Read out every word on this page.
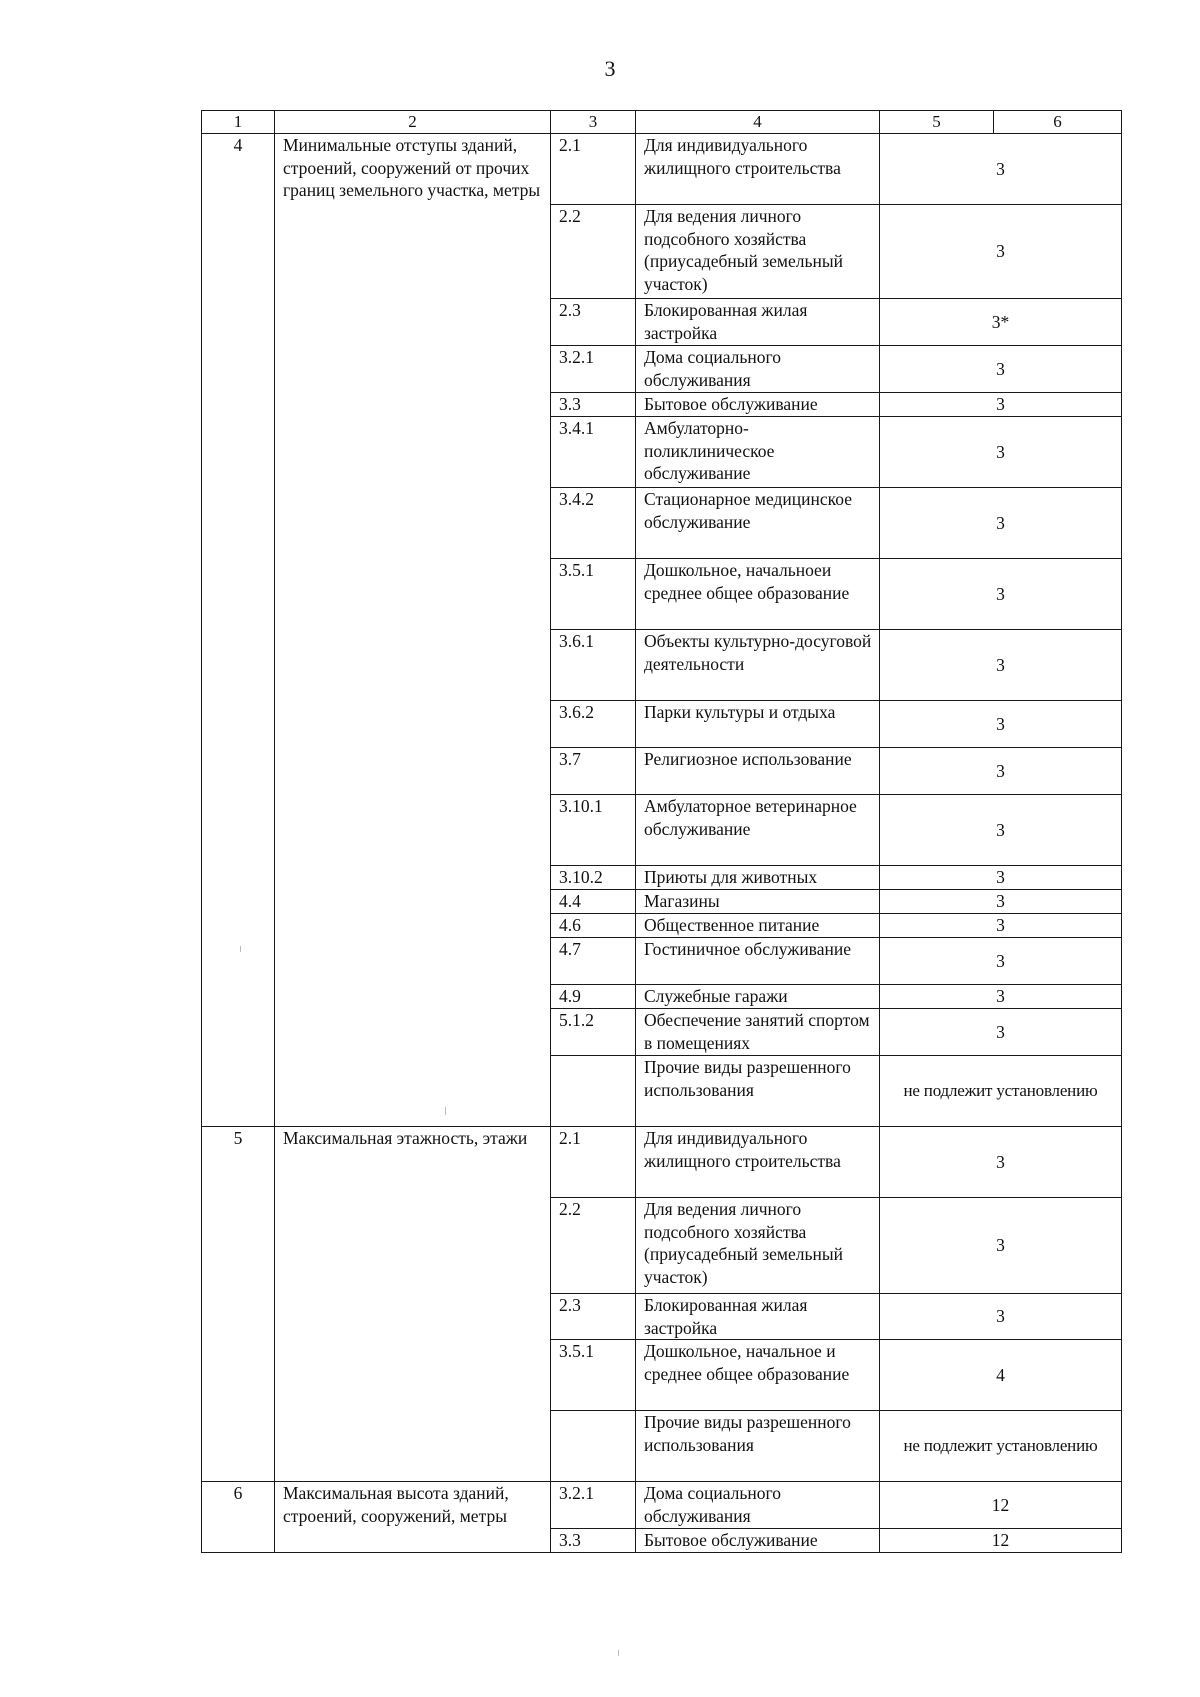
3
1	2	3	4	5	6
4	Минимальные отступы зданий, строений, сооружений от прочих границ земельного участка, метры	2.1	Для индивидуального жилищного строительства	3	
		2.2	Для ведения личного подсобного хозяйства (приусадебный земельный участок)	3	
		2.3	Блокированная жилая застройка	3*	
		3.2.1	Дома социального обслуживания	3	
		3.3	Бытовое обслуживание	3	
		3.4.1	Амбулаторно-поликлиническое обслуживание	3	
		3.4.2	Стационарное медицинское обслуживание	3	
		3.5.1	Дошкольное, начальноеи среднее общее образование	3	
		3.6.1	Объекты культурно-досуговой деятельности	3	
		3.6.2	Парки культуры и отдыха	3	
		3.7	Религиозное использование	3	
		3.10.1	Амбулаторное ветеринарное обслуживание	3	
		3.10.2	Приюты для животных	3	
		4.4	Магазины	3	
		4.6	Общественное питание	3	
		4.7	Гостиничное обслуживание	3	
		4.9	Служебные гаражи	3	
		5.1.2	Обеспечение занятий спортом в помещениях	3	
			Прочие виды разрешенного использования	не подлежит установлению	
5	Максимальная этажность, этажи	2.1	Для индивидуального жилищного строительства	3	
		2.2	Для ведения личного подсобного хозяйства (приусадебный земельный участок)	3	
		2.3	Блокированная жилая застройка	3	
		3.5.1	Дошкольное, начальное и среднее общее образование	4	
			Прочие виды разрешенного использования	не подлежит установлению	
6	Максимальная высота зданий, строений, сооружений, метры	3.2.1	Дома социального обслуживания	12	
		3.3	Бытовое обслуживание	12	
